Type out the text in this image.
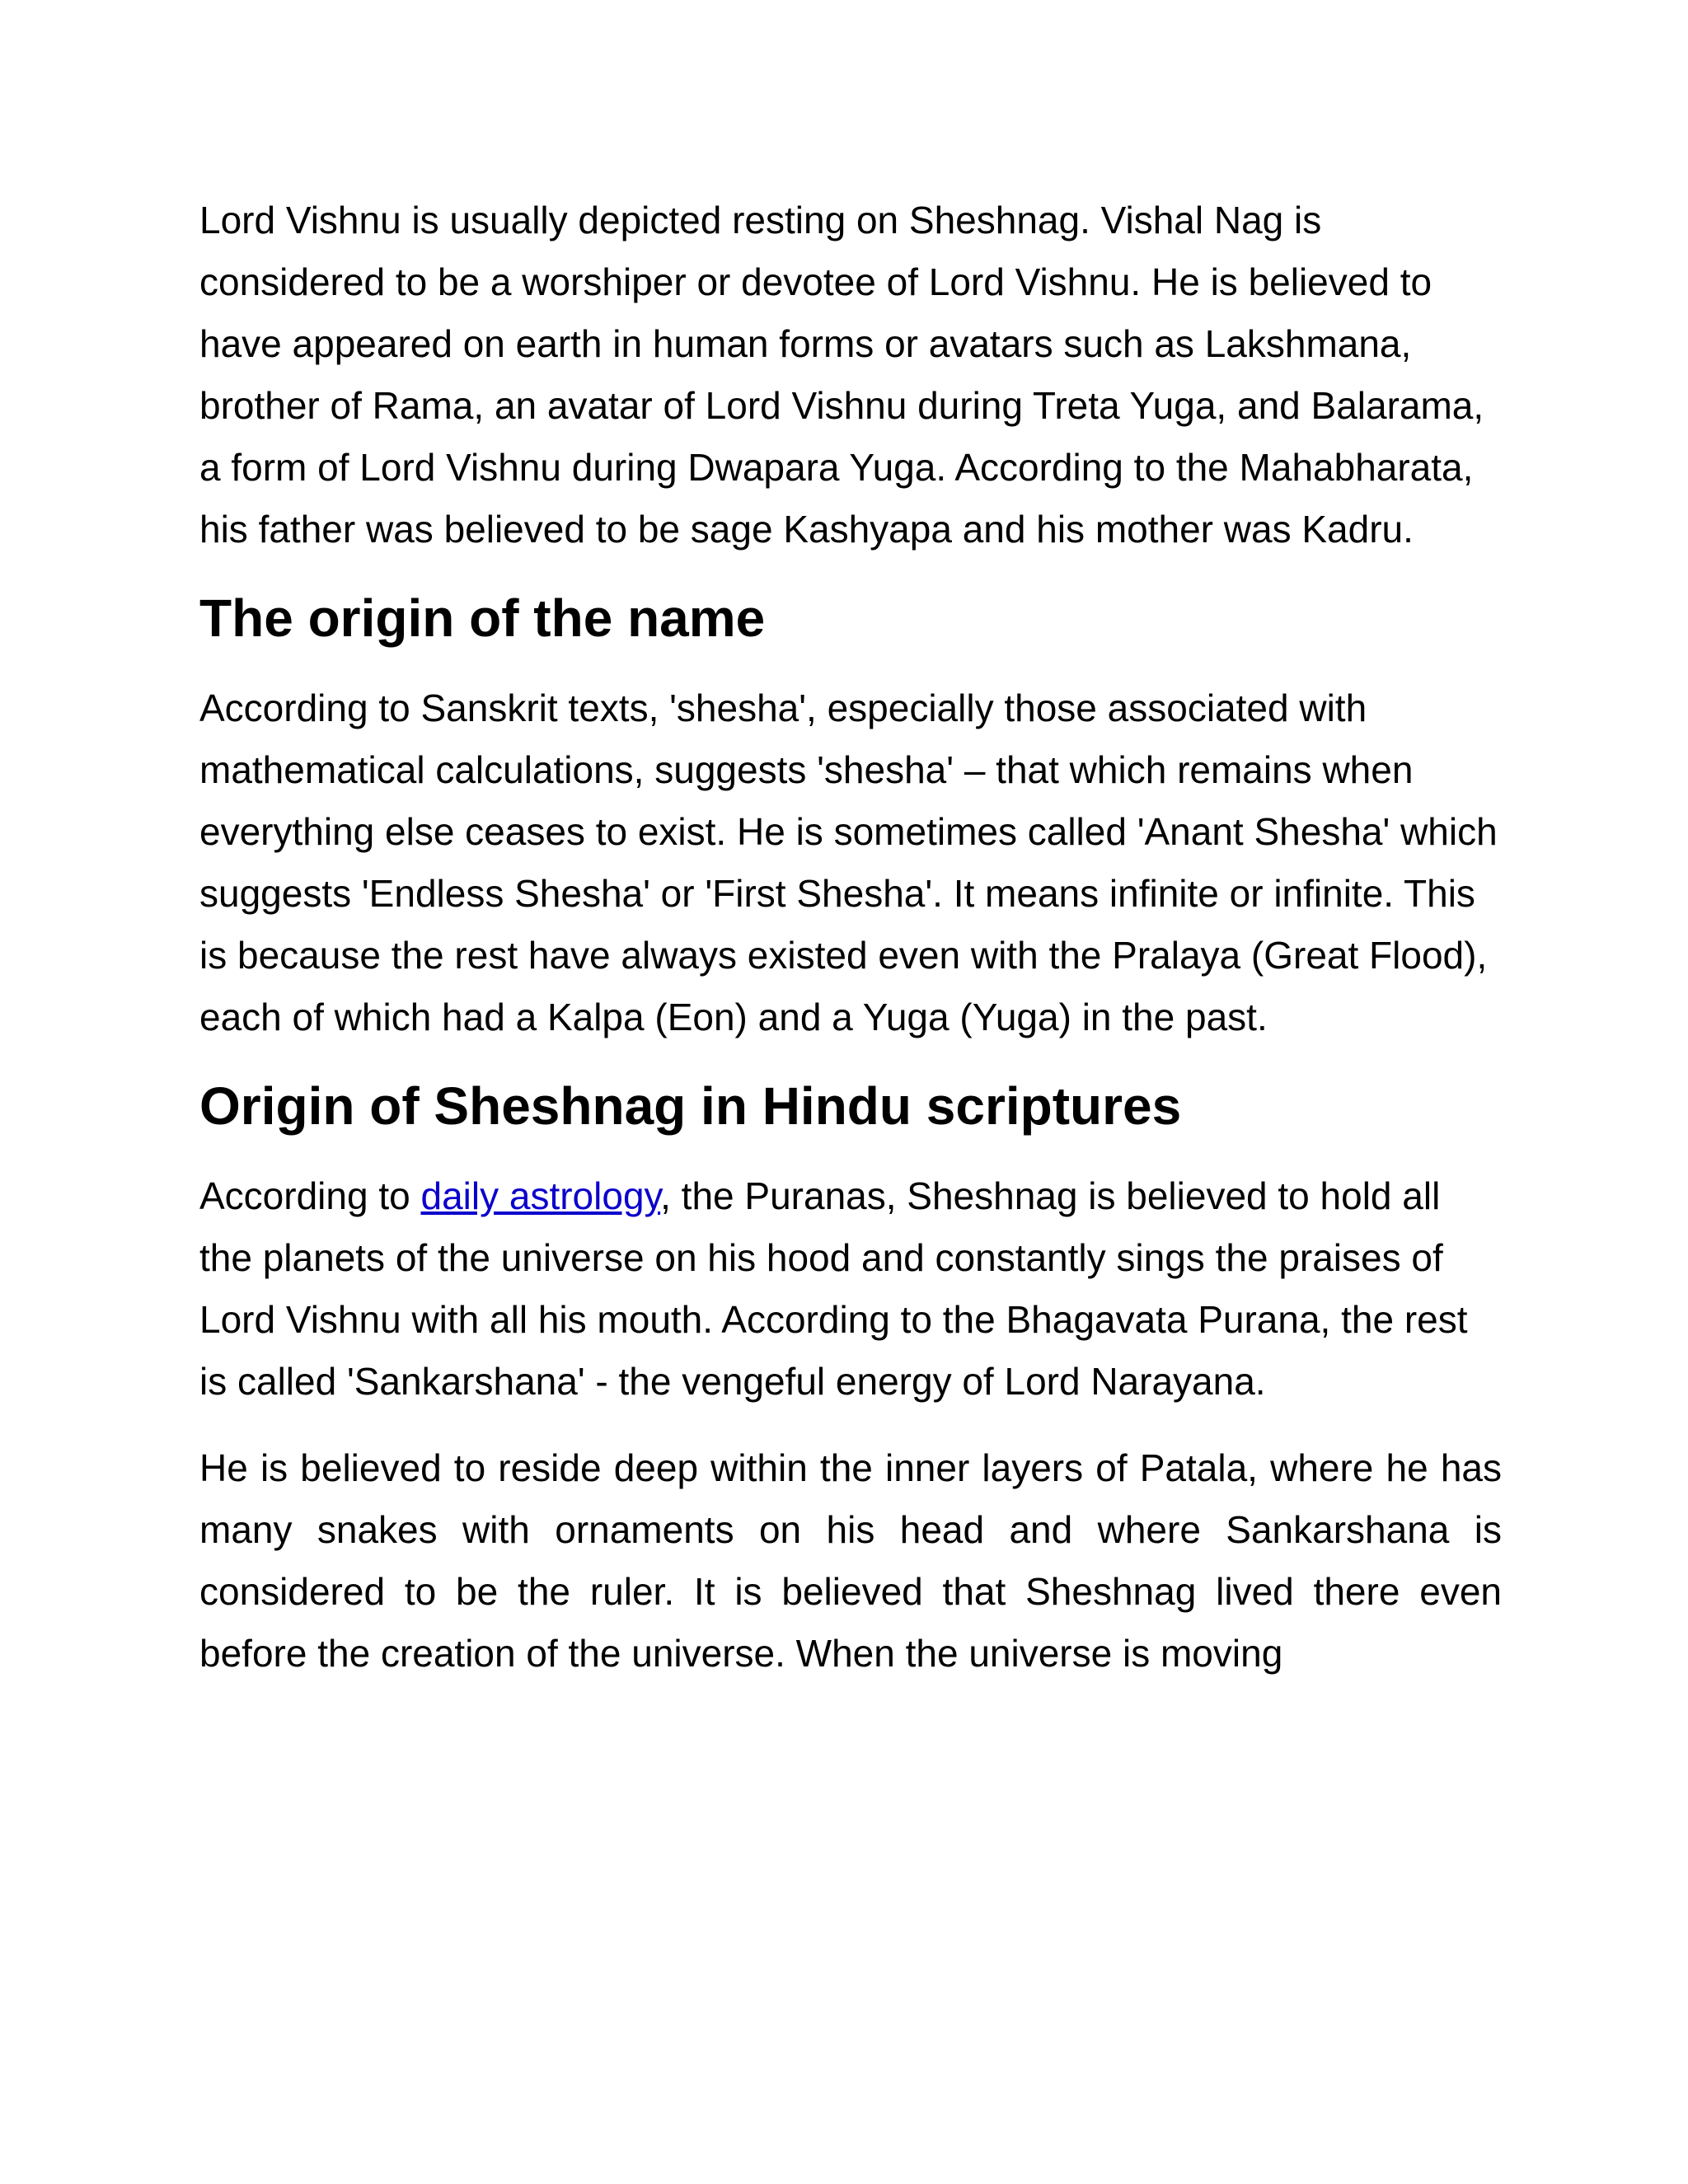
Lord Vishnu is usually depicted resting on Sheshnag. Vishal Nag is considered to be a worshiper or devotee of Lord Vishnu. He is believed to have appeared on earth in human forms or avatars such as Lakshmana, brother of Rama, an avatar of Lord Vishnu during Treta Yuga, and Balarama, a form of Lord Vishnu during Dwapara Yuga. According to the Mahabharata, his father was believed to be sage Kashyapa and his mother was Kadru.

The origin of the name

According to Sanskrit texts, 'shesha', especially those associated with mathematical calculations, suggests 'shesha' – that which remains when everything else ceases to exist. He is sometimes called 'Anant Shesha' which suggests 'Endless Shesha' or 'First Shesha'. It means infinite or infinite. This is because the rest have always existed even with the Pralaya (Great Flood), each of which had a Kalpa (Eon) and a Yuga (Yuga) in the past.

Origin of Sheshnag in Hindu scriptures

According to daily astrology, the Puranas, Sheshnag is believed to hold all the planets of the universe on his hood and constantly sings the praises of Lord Vishnu with all his mouth. According to the Bhagavata Purana, the rest is called 'Sankarshana' - the vengeful energy of Lord Narayana.

He is believed to reside deep within the inner layers of Patala, where he has many snakes with ornaments on his head and where Sankarshana is considered to be the ruler. It is believed that Sheshnag lived there even before the creation of the universe. When the universe is moving
